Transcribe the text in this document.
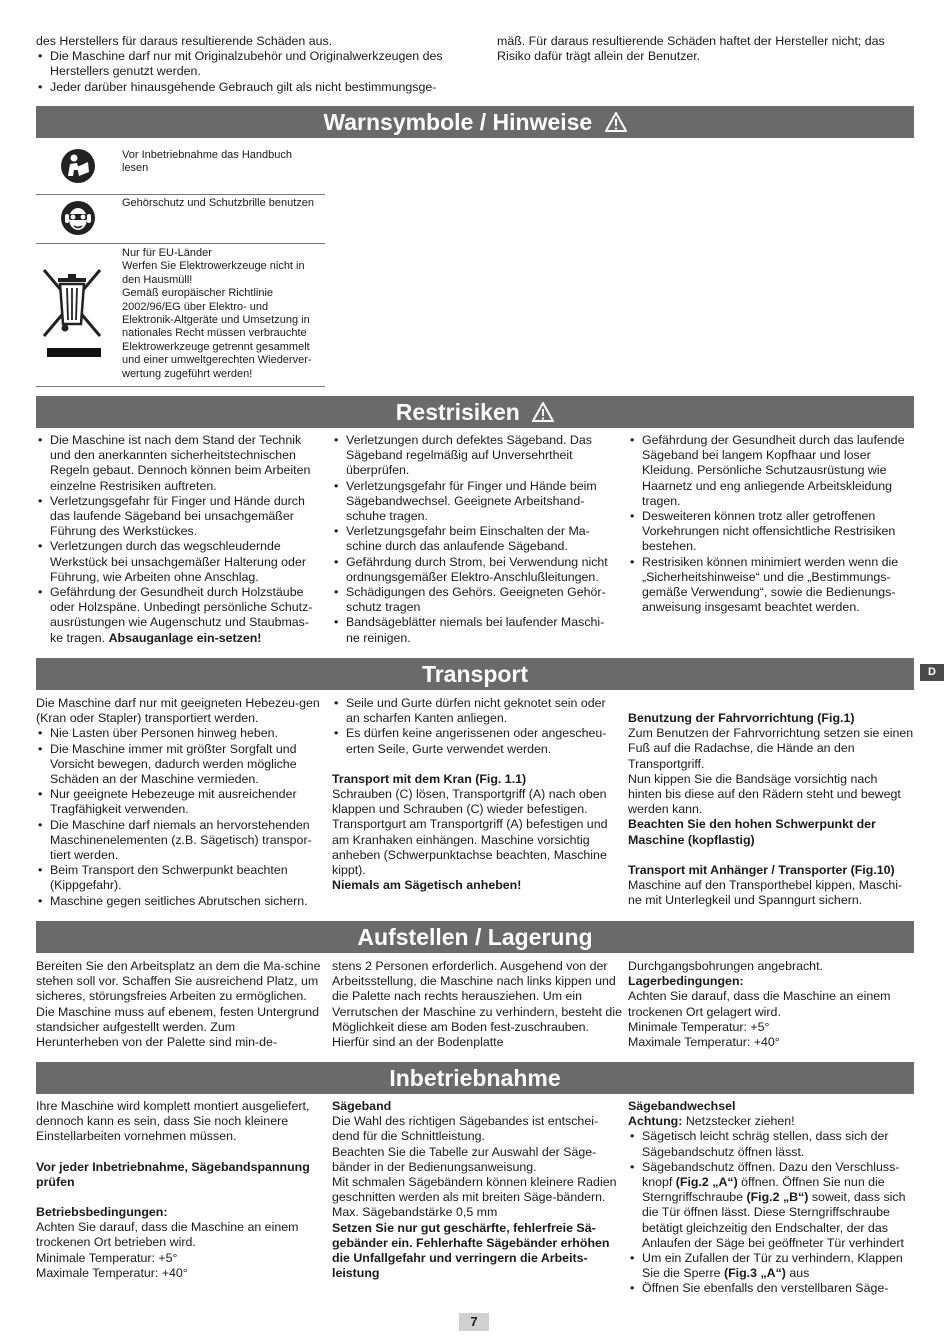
des Herstellers für daraus resultierende Schäden aus.

• Die Maschine darf nur mit Originalzubehör und Originalwerkzeugen des Herstellers genutzt werden.
• Jeder darüber hinausgehende Gebrauch gilt als nicht bestimmungsge-

mäß. Für daraus resultierende Schäden haftet der Hersteller nicht; das Risiko dafür trägt allein der Benutzer.

Warnsymbole / Hinweise
Vor Inbetriebnahme das Handbuch lesen
Gehörschutz und Schutzbrille benutzen
Nur für EU-Länder
Werfen Sie Elektrowerkzeuge nicht in den Hausmüll!
Gemäß europäischer Richtlinie 2002/96/EG über Elektro- und Elektronik-Altgeräte und Umsetzung in nationales Recht müssen verbrauchte Elektrowerkzeuge getrennt gesammelt und einer umweltgerechten Wiederver-wertung zugeführt werden!
Restrisiken
• Die Maschine ist nach dem Stand der Technik und den anerkannten sicherheitstechnischen Regeln gebaut. Dennoch können beim Arbeiten einzelne Restrisiken auftreten.
• Verletzungsgefahr für Finger und Hände durch das laufende Sägeband bei unsachgemäßer Führung des Werkstückes.
• Verletzungen durch das wegschleudernde Werkstück bei unsachgemäßer Halterung oder Führung, wie Arbeiten ohne Anschlag.
• Gefährdung der Gesundheit durch Holzstäube oder Holzspäne. Unbedingt persönliche Schutz-ausrüstungen wie Augenschutz und Staubmas-ke tragen. Absauganlage ein-setzen!
• Verletzungen durch defektes Sägeband. Das Sägeband regelmäßig auf Unversehrtheit überprüfen.
• Verletzungsgefahr für Finger und Hände beim Sägebandwechsel. Geeignete Arbeitshand-schuhe tragen.
• Verletzungsgefahr beim Einschalten der Ma-schine durch das anlaufende Sägeband.
• Gefährdung durch Strom, bei Verwendung nicht ordnungsgemäßer Elektro-Anschlußleitungen.
• Schädigungen des Gehörs. Geeigneten Gehör-schutz tragen
• Bandsägeblätter niemals bei laufender Maschi-ne reinigen.
• Gefährdung der Gesundheit durch das laufende Sägeband bei langem Kopfhaar und loser Kleidung. Persönliche Schutzausrüstung wie Haarnetz und eng anliegende Arbeitskleidung tragen.
• Desweiteren können trotz aller getroffenen Vorkehrungen nicht offensichtliche Restrisiken bestehen.
• Restrisiken können minimiert werden wenn die „Sicherheitshinweise“ und die „Bestimmungs-gemäße Verwendung“, sowie die Bedienungs-anweisung insgesamt beachtet werden.
Transport	D

Die Maschine darf nur mit geeigneten Hebezeu-gen (Kran oder Stapler) transportiert werden.

• Nie Lasten über Personen hinweg heben.
• Die Maschine immer mit größter Sorgfalt und Vorsicht bewegen, dadurch werden mögliche Schäden an der Maschine vermieden.
• Nur geeignete Hebezeuge mit ausreichender Tragfähigkeit verwenden.
• Die Maschine darf niemals an hervorstehenden Maschinenelementen (z.B. Sägetisch) transpor-tiert werden.
• Beim Transport den Schwerpunkt beachten (Kippgefahr).
• Maschine gegen seitliches Abrutschen sichern.
• Seile und Gurte dürfen nicht geknotet sein oder an scharfen Kanten anliegen.
• Es dürfen keine angerissenen oder angescheu-erten Seile, Gurte verwendet werden.

Transport mit dem Kran (Fig. 1.1)

Schrauben (C) lösen, Transportgriff (A) nach oben klappen und Schrauben (C) wieder befestigen. Transportgurt am Transportgriff (A) befestigen und am Kranhaken einhängen. Maschine vorsichtig anheben (Schwerpunktachse beachten, Maschine kippt).

Niemals am Sägetisch anheben!

Benutzung der Fahrvorrichtung (Fig.1)

Zum Benutzen der Fahrvorrichtung setzen sie einen Fuß auf die Radachse, die Hände an den Transportgriff.

Nun kippen Sie die Bandsäge vorsichtig nach hinten bis diese auf den Rädern steht und bewegt werden kann.

Beachten Sie den hohen Schwerpunkt der Maschine (kopflastig)

Transport mit Anhänger / Transporter (Fig.10)

Maschine auf den Transporthebel kippen, Maschi-ne mit Unterlegkeil und Spanngurt sichern.

Aufstellen / Lagerung

Bereiten Sie den Arbeitsplatz an dem die Ma-schine stehen soll vor. Schaffen Sie ausreichend Platz, um sicheres, störungsfreies Arbeiten zu ermöglichen. Die Maschine muss auf ebenem, festen Untergrund standsicher aufgestellt werden. Zum Herunterheben von der Palette sind min-de-

stens 2 Personen erforderlich. Ausgehend von der Arbeitsstellung, die Maschine nach links kippen und die Palette nach rechts herausziehen. Um ein Verrutschen der Maschine zu verhindern, besteht die Möglichkeit diese am Boden fest-zuschrauben. Hierfür sind an der Bodenplatte

Durchgangsbohrungen angebracht.

Lagerbedingungen:

Achten Sie darauf, dass die Maschine an einem trockenen Ort gelagert wird.

Minimale Temperatur: +5°

Maximale Temperatur: +40°

Inbetriebnahme

Ihre Maschine wird komplett montiert ausgeliefert, dennoch kann es sein, dass Sie noch kleinere Einstellarbeiten vornehmen müssen.

Vor jeder Inbetriebnahme, Sägebandspannung prüfen

Betriebsbedingungen:

Achten Sie darauf, dass die Maschine an einem trockenen Ort betrieben wird.

Minimale Temperatur: +5°

Maximale Temperatur: +40°

Sägeband

Die Wahl des richtigen Sägebandes ist entschei-dend für die Schnittleistung.

Beachten Sie die Tabelle zur Auswahl der Säge-bänder in der Bedienungsanweisung.

Mit schmalen Sägebändern können kleinere Radien geschnitten werden als mit breiten Säge-bändern.

Max. Sägebandstärke 0,5 mm

Setzen Sie nur gut geschärfte, fehlerfreie Sä-gebänder ein. Fehlerhafte Sägebänder erhöhen die Unfallgefahr und verringern die Arbeits-leistung

Sägebandwechsel

Achtung: Netzstecker ziehen!

• Sägetisch leicht schräg stellen, dass sich der Sägebandschutz öffnen lässt.
• Sägebandschutz öffnen. Dazu den Verschluss-knopf (Fig.2 „A“) öffnen. Öffnen Sie nun die Sterngriffschraube (Fig.2 „B“) soweit, dass sich die Tür öffnen lässt. Diese Sterngriffschraube betätigt gleichzeitig den Endschalter, der das Anlaufen der Säge bei geöffneter Tür verhindert
• Um ein Zufallen der Tür zu verhindern, Klappen Sie die Sperre (Fig.3 „A“) aus
• Öffnen Sie ebenfalls den verstellbaren Säge-
7
